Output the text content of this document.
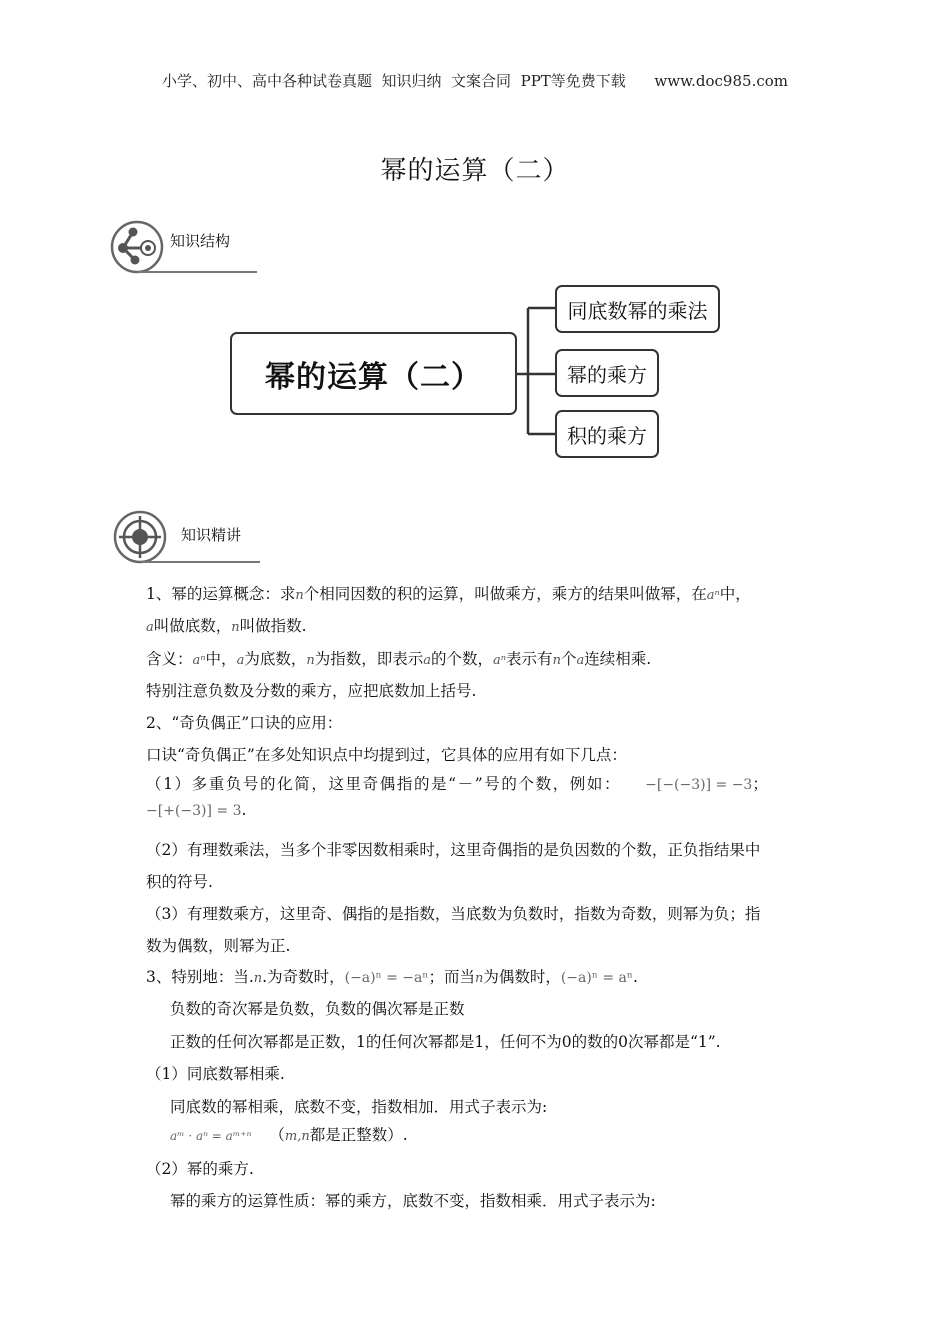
小学、初中、高中各种试卷真题  知识归纳  文案合同  PPT等免费下载      www.doc985.com
幂的运算（二）
知识结构
幂的运算（二）
同底数幂的乘法
幂的乘方
积的乘方
知识精讲
1、幂的运算概念：求n个相同因数的积的运算，叫做乘方，乘方的结果叫做幂，在aⁿ中，
a叫做底数，n叫做指数.
含义：aⁿ中，a为底数，n为指数，即表示a的个数，aⁿ表示有n个a连续相乘.
特别注意负数及分数的乘方，应把底数加上括号.
2、“奇负偶正”口诀的应用：
口诀“奇负偶正”在多处知识点中均提到过，它具体的应用有如下几点：
（1）多重负号的化简，这里奇偶指的是“－”号的个数，例如： −[−(−3)] = −3；
−[+(−3)] = 3.
（2）有理数乘法，当多个非零因数相乘时，这里奇偶指的是负因数的个数，正负指结果中
积的符号.
（3）有理数乘方，这里奇、偶指的是指数，当底数为负数时，指数为奇数，则幂为负；指
数为偶数，则幂为正.
3、特别地：当.n.为奇数时，(−a)ⁿ = −aⁿ；而当n为偶数时，(−a)ⁿ = aⁿ.
负数的奇次幂是负数，负数的偶次幂是正数
正数的任何次幂都是正数，1的任何次幂都是1，任何不为0的数的0次幂都是“1”.
（1）同底数幂相乘.
同底数的幂相乘，底数不变，指数相加．用式子表示为:
aᵐ · aⁿ = aᵐ⁺ⁿ （m,n都是正整数）.
（2）幂的乘方.
幂的乘方的运算性质：幂的乘方，底数不变，指数相乘．用式子表示为:
